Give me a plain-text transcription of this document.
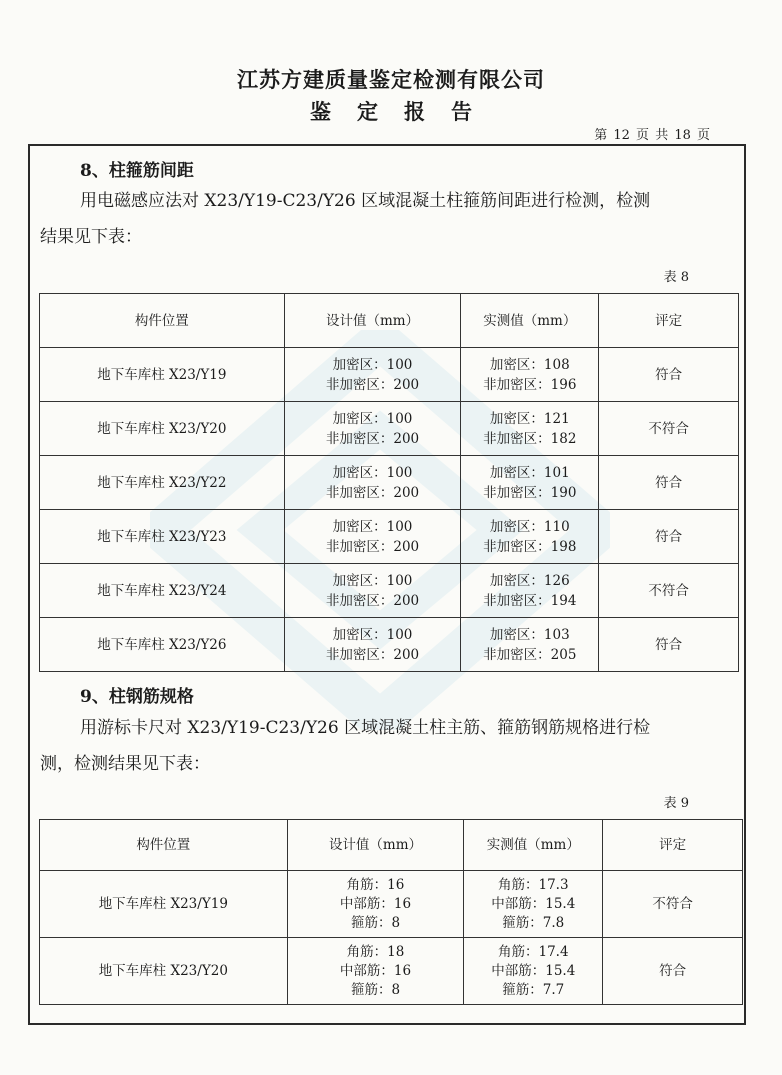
江苏方建质量鉴定检测有限公司
鉴定报告
第 12 页 共 18 页
8、柱箍筋间距
用电磁感应法对 X23/Y19-C23/Y26 区域混凝土柱箍筋间距进行检测，检测
结果见下表：
表 8
构件位置	设计值（mm）	实测值（mm）	评定
地下车库柱 X23/Y19	加密区：100
非加密区：200	加密区：108
非加密区：196	符合
地下车库柱 X23/Y20	加密区：100
非加密区：200	加密区：121
非加密区：182	不符合
地下车库柱 X23/Y22	加密区：100
非加密区：200	加密区：101
非加密区：190	符合
地下车库柱 X23/Y23	加密区：100
非加密区：200	加密区：110
非加密区：198	符合
地下车库柱 X23/Y24	加密区：100
非加密区：200	加密区：126
非加密区：194	不符合
地下车库柱 X23/Y26	加密区：100
非加密区：200	加密区：103
非加密区：205	符合
9、柱钢筋规格
用游标卡尺对 X23/Y19-C23/Y26 区域混凝土柱主筋、箍筋钢筋规格进行检
测，检测结果见下表：
表 9
构件位置	设计值（mm）	实测值（mm）	评定
地下车库柱 X23/Y19	角筋：16
中部筋：16
箍筋：8	角筋：17.3
中部筋：15.4
箍筋：7.8	不符合
地下车库柱 X23/Y20	角筋：18
中部筋：16
箍筋：8	角筋：17.4
中部筋：15.4
箍筋：7.7	符合
